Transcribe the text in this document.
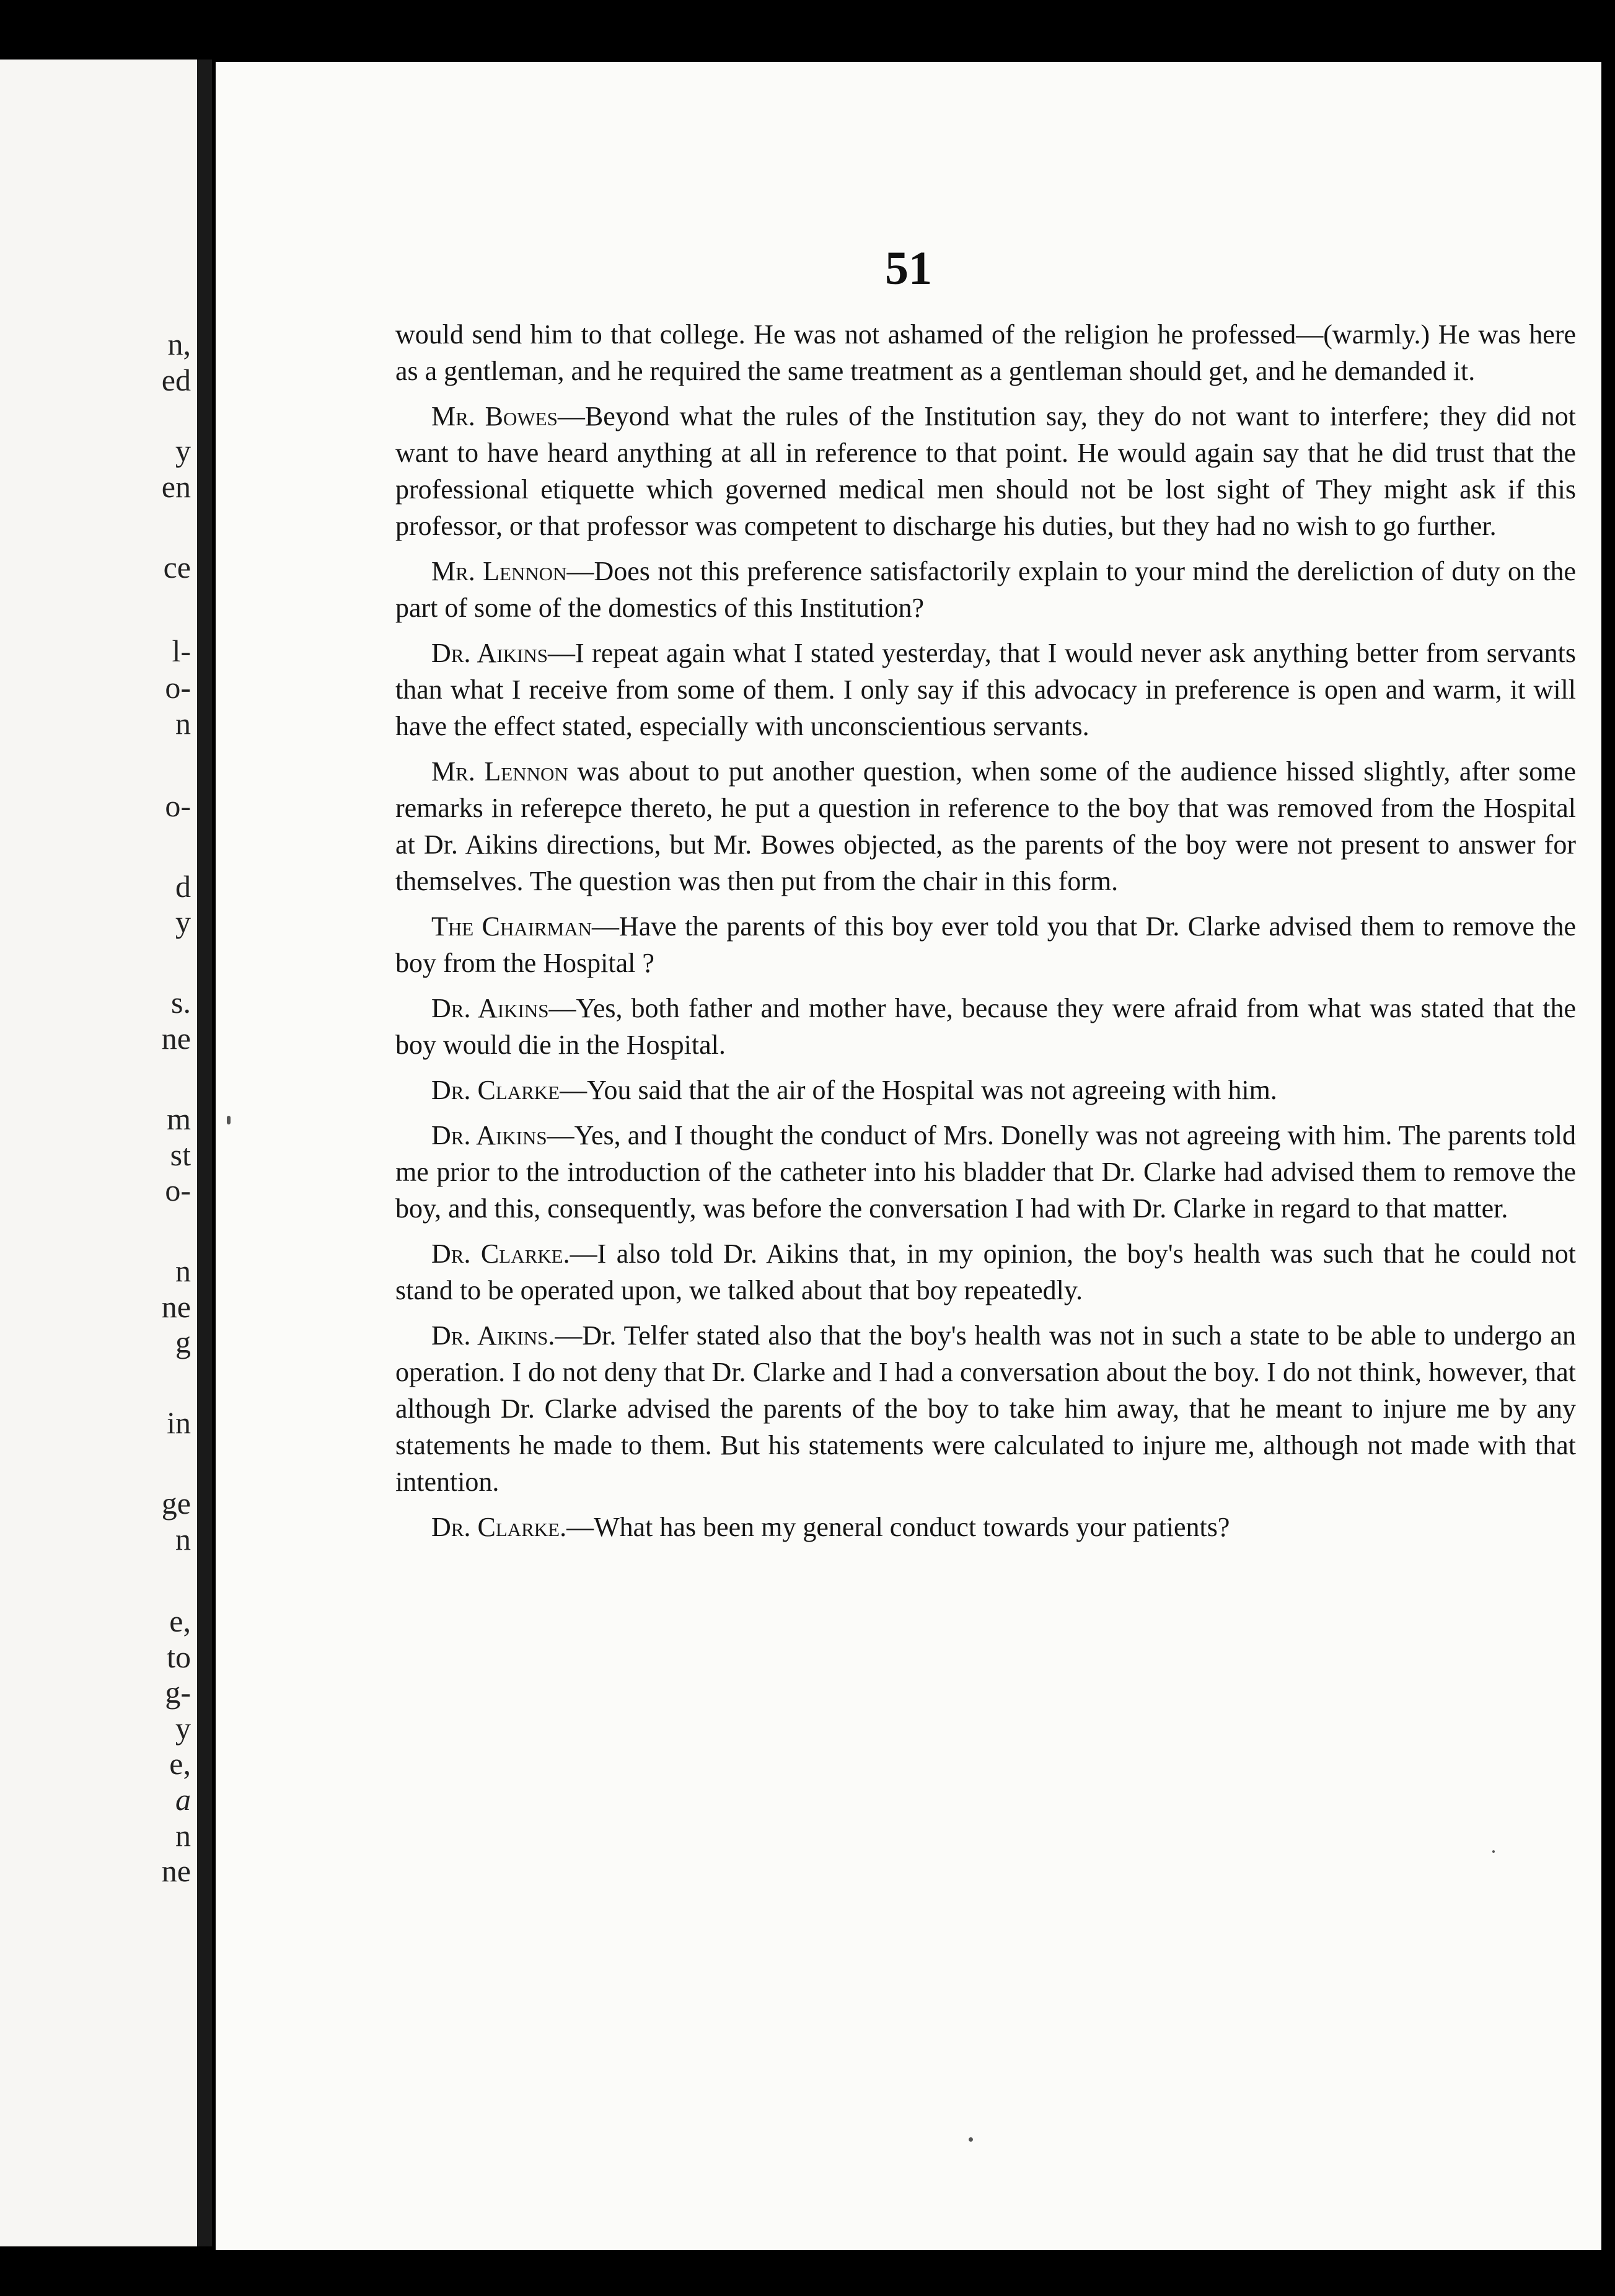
n,
ed
y
en
ce
l-
o-
n
o-
d
y
s.
ne
m
st
o-
n
ne
g
in
ge
n
e,
to
g-
y
e,
a
n
ne
51

would send him to that college. He was not ashamed of the religion he professed—(warmly.) He was here as a gentleman, and he required the same treatment as a gentleman should get, and he demanded it.

Mr. Bowes—Beyond what the rules of the Institution say, they do not want to interfere; they did not want to have heard anything at all in reference to that point. He would again say that he did trust that the professional etiquette which governed medical men should not be lost sight of They might ask if this professor, or that professor was competent to discharge his duties, but they had no wish to go further.

Mr. Lennon—Does not this preference satisfactorily explain to your mind the dereliction of duty on the part of some of the domestics of this Institution?

Dr. Aikins—I repeat again what I stated yesterday, that I would never ask anything better from servants than what I receive from some of them. I only say if this advocacy in preference is open and warm, it will have the effect stated, especially with unconscientious servants.

Mr. Lennon was about to put another question, when some of the audience hissed slightly, after some remarks in referepce thereto, he put a question in reference to the boy that was removed from the Hospital at Dr. Aikins directions, but Mr. Bowes objected, as the parents of the boy were not present to answer for themselves. The question was then put from the chair in this form.

The Chairman—Have the parents of this boy ever told you that Dr. Clarke advised them to remove the boy from the Hospital ?

Dr. Aikins—Yes, both father and mother have, because they were afraid from what was stated that the boy would die in the Hospital.

Dr. Clarke—You said that the air of the Hospital was not agreeing with him.

Dr. Aikins—Yes, and I thought the conduct of Mrs. Donelly was not agreeing with him. The parents told me prior to the introduction of the catheter into his bladder that Dr. Clarke had advised them to remove the boy, and this, consequently, was before the conversation I had with Dr. Clarke in regard to that matter.

Dr. Clarke.—I also told Dr. Aikins that, in my opinion, the boy's health was such that he could not stand to be operated upon, we talked about that boy repeatedly.

Dr. Aikins.—Dr. Telfer stated also that the boy's health was not in such a state to be able to undergo an operation. I do not deny that Dr. Clarke and I had a conversation about the boy. I do not think, however, that although Dr. Clarke advised the parents of the boy to take him away, that he meant to injure me by any statements he made to them. But his statements were calculated to injure me, although not made with that intention.

Dr. Clarke.—What has been my general conduct towards your patients?
